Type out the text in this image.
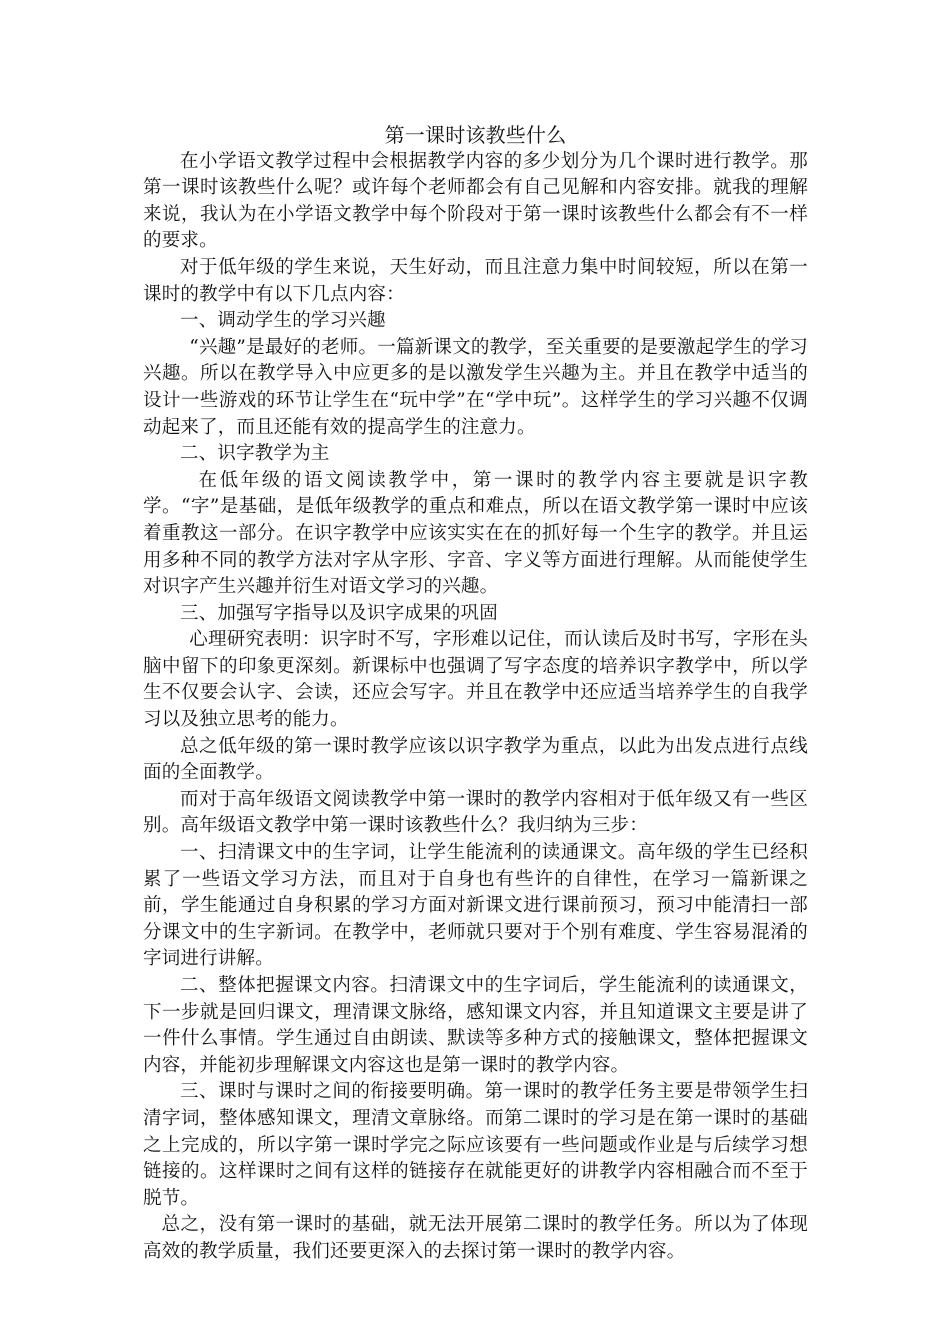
第一课时该教些什么

在小学语文教学过程中会根据教学内容的多少划分为几个课时进行教学。那第一课时该教些什么呢？或许每个老师都会有自己见解和内容安排。就我的理解来说，我认为在小学语文教学中每个阶段对于第一课时该教些什么都会有不一样的要求。

对于低年级的学生来说，天生好动，而且注意力集中时间较短，所以在第一课时的教学中有以下几点内容：

一、调动学生的学习兴趣

“兴趣”是最好的老师。一篇新课文的教学，至关重要的是要激起学生的学习兴趣。所以在教学导入中应更多的是以激发学生兴趣为主。并且在教学中适当的设计一些游戏的环节让学生在“玩中学”在“学中玩”。这样学生的学习兴趣不仅调动起来了，而且还能有效的提高学生的注意力。

二、识字教学为主

在低年级的语文阅读教学中，第一课时的教学内容主要就是识字教学。“字”是基础，是低年级教学的重点和难点，所以在语文教学第一课时中应该着重教这一部分。在识字教学中应该实实在在的抓好每一个生字的教学。并且运用多种不同的教学方法对字从字形、字音、字义等方面进行理解。从而能使学生对识字产生兴趣并衍生对语文学习的兴趣。

三、加强写字指导以及识字成果的巩固

心理研究表明：识字时不写，字形难以记住，而认读后及时书写，字形在头脑中留下的印象更深刻。新课标中也强调了写字态度的培养识字教学中，所以学生不仅要会认字、会读，还应会写字。并且在教学中还应适当培养学生的自我学习以及独立思考的能力。

总之低年级的第一课时教学应该以识字教学为重点，以此为出发点进行点线面的全面教学。

而对于高年级语文阅读教学中第一课时的教学内容相对于低年级又有一些区别。高年级语文教学中第一课时该教些什么？我归纳为三步：

一、扫清课文中的生字词，让学生能流利的读通课文。高年级的学生已经积累了一些语文学习方法，而且对于自身也有些许的自律性，在学习一篇新课之前，学生能通过自身积累的学习方面对新课文进行课前预习，预习中能清扫一部分课文中的生字新词。在教学中，老师就只要对于个别有难度、学生容易混淆的字词进行讲解。

二、整体把握课文内容。扫清课文中的生字词后，学生能流利的读通课文，下一步就是回归课文，理清课文脉络，感知课文内容，并且知道课文主要是讲了一件什么事情。学生通过自由朗读、默读等多种方式的接触课文，整体把握课文内容，并能初步理解课文内容这也是第一课时的教学内容。

三、课时与课时之间的衔接要明确。第一课时的教学任务主要是带领学生扫清字词，整体感知课文，理清文章脉络。而第二课时的学习是在第一课时的基础之上完成的，所以字第一课时学完之际应该要有一些问题或作业是与后续学习想链接的。这样课时之间有这样的链接存在就能更好的讲教学内容相融合而不至于脱节。

总之，没有第一课时的基础，就无法开展第二课时的教学任务。所以为了体现高效的教学质量，我们还要更深入的去探讨第一课时的教学内容。
